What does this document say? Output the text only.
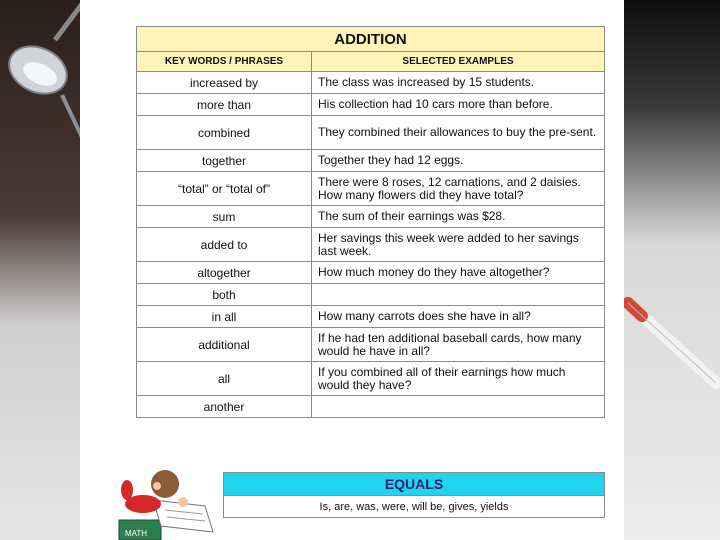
ADDITION	
KEY WORDS / PHRASES	SELECTED EXAMPLES
increased by	The class was increased by 15 students.
more than	His collection had 10 cars more than before.
combined	They combined their allowances to buy the pre-sent.
together	Together they had 12 eggs.
“total” or “total of”	There were 8 roses, 12 carnations, and 2 daisies. How many flowers did they have total?
sum	The sum of their earnings was $28.
added to	Her savings this week were added to her savings last week.
altogether	How much money do they have altogether?
both	
in all	How many carrots does she have in all?
additional	If he had ten additional baseball cards, how many would he have in all?
all	If you combined all of their earnings how much would they have?
another	
EQUALS
Is, are, was, were, will be, gives, yields
MATH
